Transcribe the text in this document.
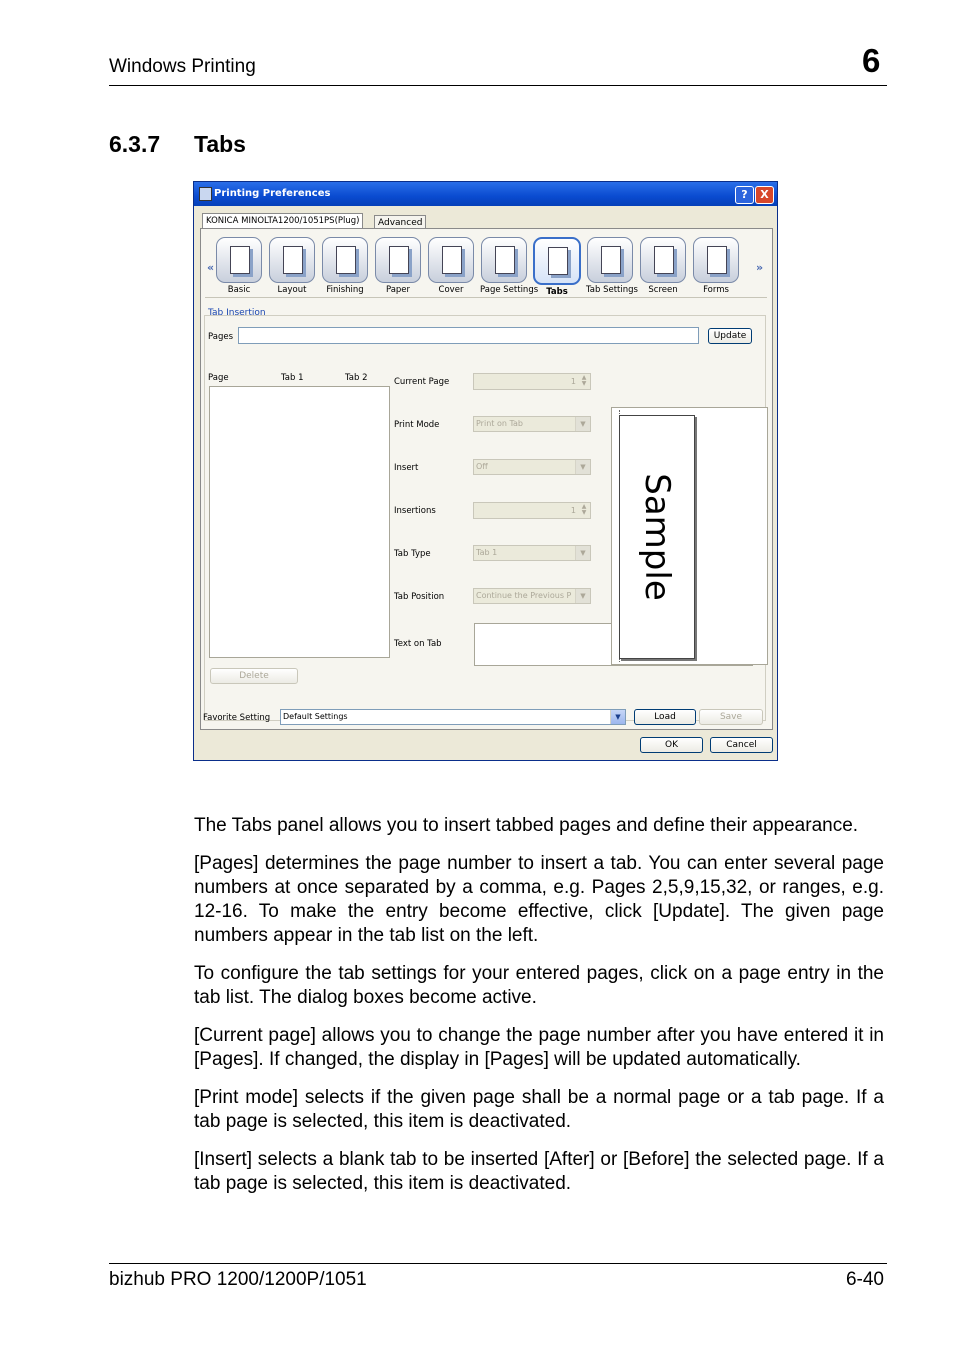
Windows Printing	6
6.3.7 Tabs
Printing Preferences	?	X
KONICA MINOLTA1200/1051PS(Plug)	Advanced
«
Basic	Layout	Finishing	Paper	Cover	Page Settings Tabs	Tab Settings	Screen	Forms
»
Tab Insertion
Pages	Update
Page	Tab 1	Tab 2
Delete
Current Page	1 ▲
▼
Print Mode	Print on Tab	▼
Insert	Off	▼
Insertions	1 ▲
▼
Tab Type	Tab 1	▼
Tab Position	Continue the Previous P	▼
Text on Tab
Sample
Favorite Setting	Default Settings	▼	Load	Save
OK	Cancel

The Tabs panel allows you to insert tabbed pages and define their appearance.

[Pages] determines the page number to insert a tab. You can enter several page numbers at once separated by a comma, e.g. Pages 2,5,9,15,32, or ranges, e.g. 12-16. To make the entry become effective, click [Update]. The given page numbers appear in the tab list on the left.

To configure the tab settings for your entered pages, click on a page entry in the tab list. The dialog boxes become active.

[Current page] allows you to change the page number after you have entered it in [Pages]. If changed, the display in [Pages] will be updated automatically.

[Print mode] selects if the given page shall be a normal page or a tab page. If a tab page is selected, this item is deactivated.

[Insert] selects a blank tab to be inserted [After] or [Before] the selected page. If a tab page is selected, this item is deactivated.

bizhub PRO 1200/1200P/1051	6-40
